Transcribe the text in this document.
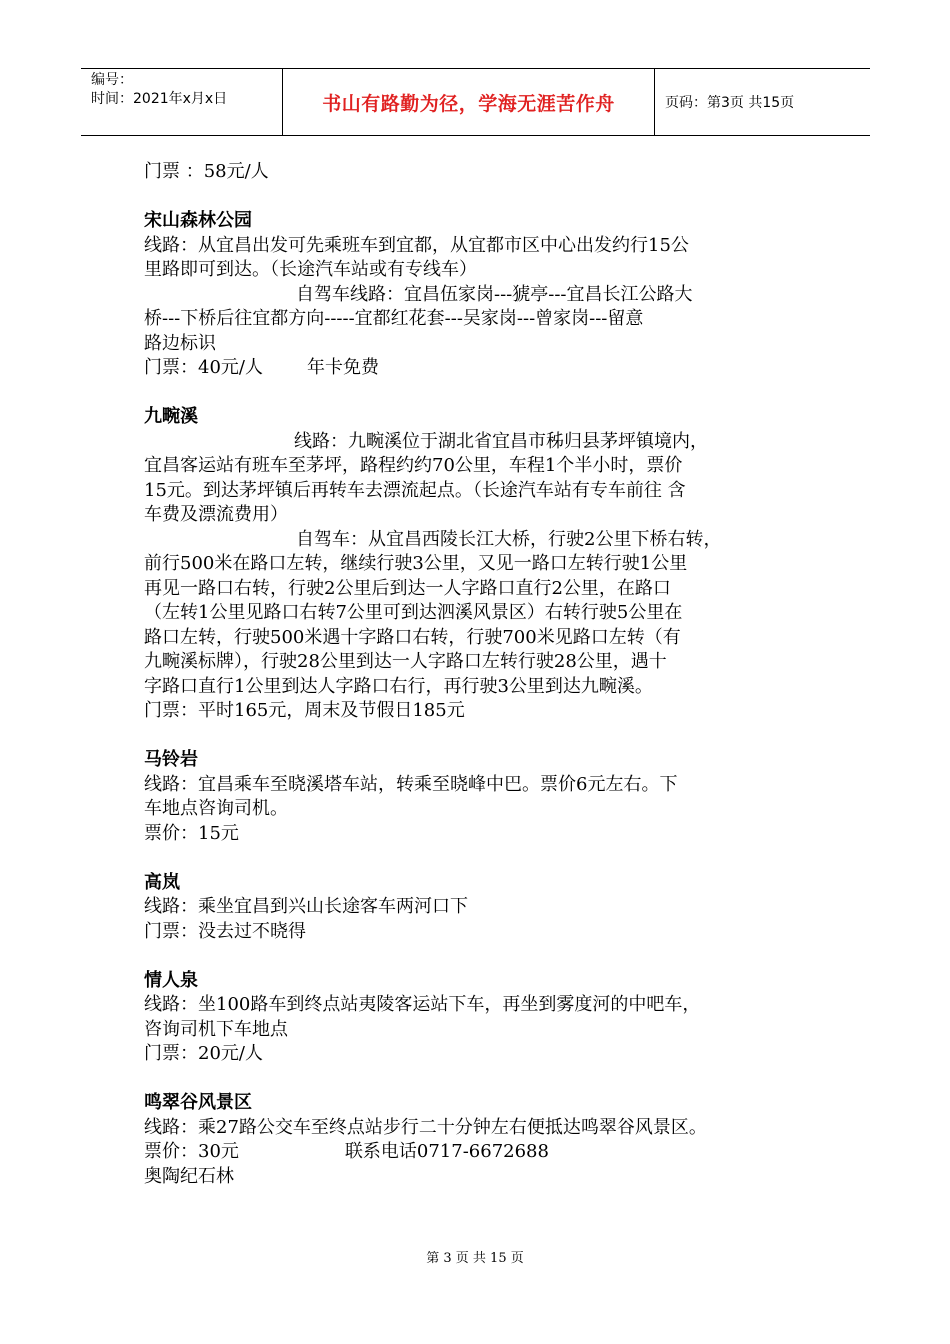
编号：
时间：2021年x月x日	书山有路勤为径，学海无涯苦作舟	页码：第3页 共15页

门票 ：58元/人

宋山森林公园

线路：从宜昌出发可先乘班车到宜都，从宜都市区中心出发约行15公

里路即可到达。（长途汽车站或有专线车）

自驾车线路：宜昌伍家岗---猇亭---宜昌长江公路大

桥---下桥后往宜都方向-----宜都红花套---吴家岗---曾家岗---留意

路边标识

门票：40元/人 年卡免费

九畹溪

线路：九畹溪位于湖北省宜昌市秭归县茅坪镇境内，

宜昌客运站有班车至茅坪，路程约约70公里，车程1个半小时，票价

15元。到达茅坪镇后再转车去漂流起点。（长途汽车站有专车前往 含

车费及漂流费用）

自驾车：从宜昌西陵长江大桥，行驶2公里下桥右转，

前行500米在路口左转，继续行驶3公里，又见一路口左转行驶1公里

再见一路口右转，行驶2公里后到达一人字路口直行2公里，在路口

（左转1公里见路口右转7公里可到达泗溪风景区）右转行驶5公里在

路口左转，行驶500米遇十字路口右转，行驶700米见路口左转（有

九畹溪标牌），行驶28公里到达一人字路口左转行驶28公里，遇十

字路口直行1公里到达人字路口右行，再行驶3公里到达九畹溪。

门票：平时165元，周末及节假日185元

马铃岩

线路：宜昌乘车至晓溪塔车站，转乘至晓峰中巴。票价6元左右。下

车地点咨询司机。

票价：15元

高岚

线路：乘坐宜昌到兴山长途客车两河口下

门票：没去过不晓得

情人泉

线路：坐100路车到终点站夷陵客运站下车，再坐到雾度河的中吧车，

咨询司机下车地点

门票：20元/人

鸣翠谷风景区

线路：乘27路公交车至终点站步行二十分钟左右便抵达鸣翠谷风景区。

票价：30元	联系电话0717-6672688

奥陶纪石林

第 3 页 共 15 页
